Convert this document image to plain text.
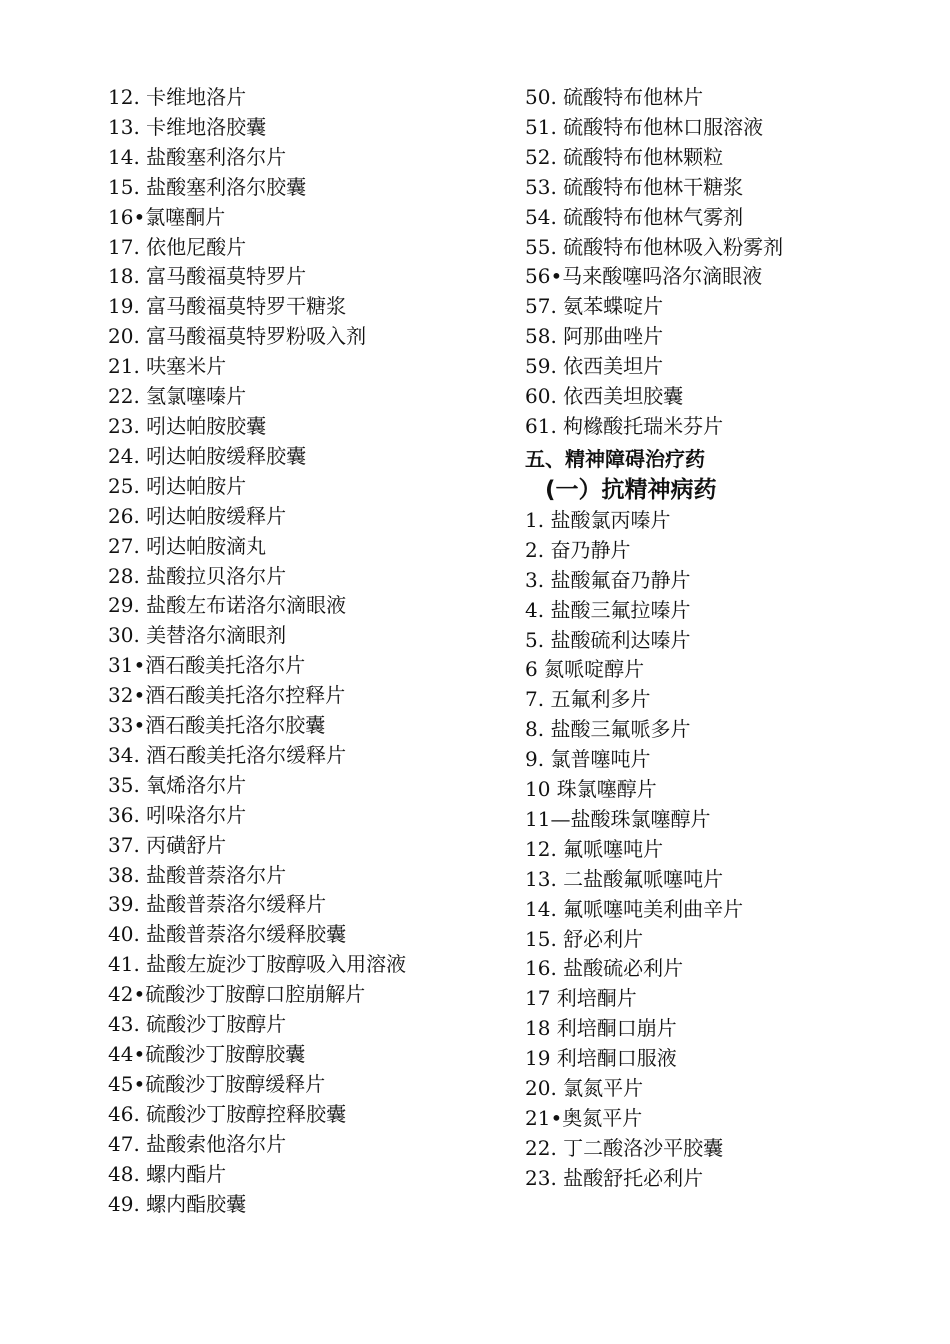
12. 卡维地洛片
13. 卡维地洛胶囊
14. 盐酸塞利洛尔片
15. 盐酸塞利洛尔胶囊
16•氯噻酮片
17. 依他尼酸片
18. 富马酸福莫特罗片
19. 富马酸福莫特罗干糖浆
20. 富马酸福莫特罗粉吸入剂
21. 呋塞米片
22. 氢氯噻嗪片
23. 吲达帕胺胶囊
24. 吲达帕胺缓释胶囊
25. 吲达帕胺片
26. 吲达帕胺缓释片
27. 吲达帕胺滴丸
28. 盐酸拉贝洛尔片
29. 盐酸左布诺洛尔滴眼液
30. 美替洛尔滴眼剂
31•酒石酸美托洛尔片
32•酒石酸美托洛尔控释片
33•酒石酸美托洛尔胶囊
34. 酒石酸美托洛尔缓释片
35. 氧烯洛尔片
36. 吲哚洛尔片
37. 丙磺舒片
38. 盐酸普萘洛尔片
39. 盐酸普萘洛尔缓释片
40. 盐酸普萘洛尔缓释胶囊
41. 盐酸左旋沙丁胺醇吸入用溶液
42•硫酸沙丁胺醇口腔崩解片
43. 硫酸沙丁胺醇片
44•硫酸沙丁胺醇胶囊
45•硫酸沙丁胺醇缓释片
46. 硫酸沙丁胺醇控释胶囊
47. 盐酸索他洛尔片
48. 螺内酯片
49. 螺内酯胶囊
50. 硫酸特布他林片
51. 硫酸特布他林口服溶液
52. 硫酸特布他林颗粒
53. 硫酸特布他林干糖浆
54. 硫酸特布他林气雾剂
55. 硫酸特布他林吸入粉雾剂
56•马来酸噻吗洛尔滴眼液
57. 氨苯蝶啶片
58. 阿那曲唑片
59. 依西美坦片
60. 依西美坦胶囊
61. 枸橼酸托瑞米芬片
五、精神障碍治疗药
(一）抗精神病药
1. 盐酸氯丙嗪片
2. 奋乃静片
3. 盐酸氟奋乃静片
4. 盐酸三氟拉嗪片
5. 盐酸硫利达嗪片
6 氮哌啶醇片
7. 五氟利多片
8. 盐酸三氟哌多片
9. 氯普噻吨片
10 珠氯噻醇片
11—盐酸珠氯噻醇片
12. 氟哌噻吨片
13. 二盐酸氟哌噻吨片
14. 氟哌噻吨美利曲辛片
15. 舒必利片
16. 盐酸硫必利片
17 利培酮片
18 利培酮口崩片
19 利培酮口服液
20. 氯氮平片
21•奥氮平片
22. 丁二酸洛沙平胶囊
23. 盐酸舒托必利片
